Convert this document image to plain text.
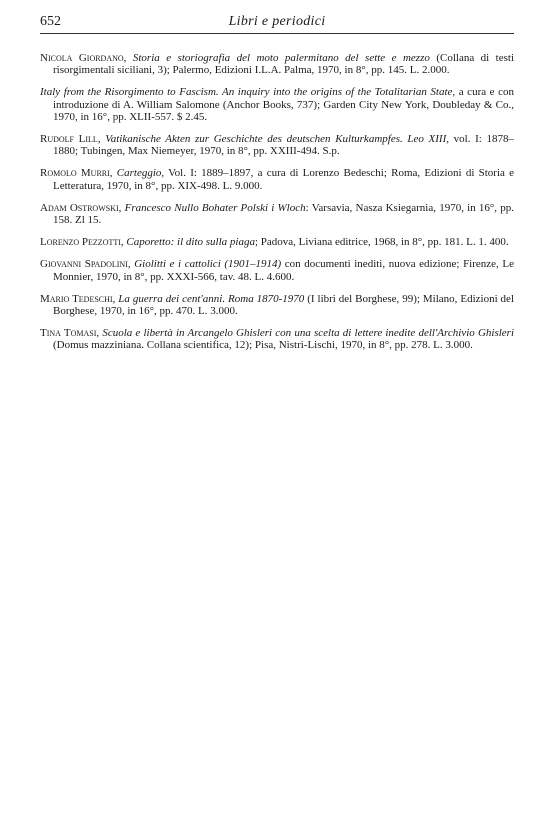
652	Libri e periodici

Nicola Giordano, Storia e storiografia del moto palermitano del sette e mezzo (Collana di testi risorgimentali siciliani, 3); Palermo, Edizioni I.L.A. Palma, 1970, in 8°, pp. 145. L. 2.000.

Italy from the Risorgimento to Fascism. An inquiry into the origins of the Totalitarian State, a cura e con introduzione di A. William Salomone (Anchor Books, 737); Garden City New York, Doubleday & Co., 1970, in 16°, pp. XLII-557. $ 2.45.

Rudolf Lill, Vatikanische Akten zur Geschichte des deutschen Kulturkampfes. Leo XIII, vol. I: 1878–1880; Tubingen, Max Niemeyer, 1970, in 8°, pp. XXIII-494. S.p.

Romolo Murri, Carteggio, Vol. I: 1889–1897, a cura di Lorenzo Bedeschi; Roma, Edizioni di Storia e Letteratura, 1970, in 8°, pp. XIX-498. L. 9.000.

Adam Ostrowski, Francesco Nullo Bohater Polski i Wloch: Varsavia, Nasza Ksiegarnia, 1970, in 16°, pp. 158. Zl 15.

Lorenzo Pezzotti, Caporetto: il dito sulla piaga; Padova, Liviana editrice, 1968, in 8°, pp. 181. L. 1. 400.

Giovanni Spadolini, Giolitti e i cattolici (1901–1914) con documenti inediti, nuova edizione; Firenze, Le Monnier, 1970, in 8°, pp. XXXI-566, tav. 48. L. 4.600.

Mario Tedeschi, La guerra dei cent'anni. Roma 1870-1970 (I libri del Borghese, 99); Milano, Edizioni del Borghese, 1970, in 16°, pp. 470. L. 3.000.

Tina Tomasi, Scuola e libertà in Arcangelo Ghisleri con una scelta di lettere inedite dell'Archivio Ghisleri (Domus mazziniana. Collana scientifica, 12); Pisa, Nistri-Lischi, 1970, in 8°, pp. 278. L. 3.000.
